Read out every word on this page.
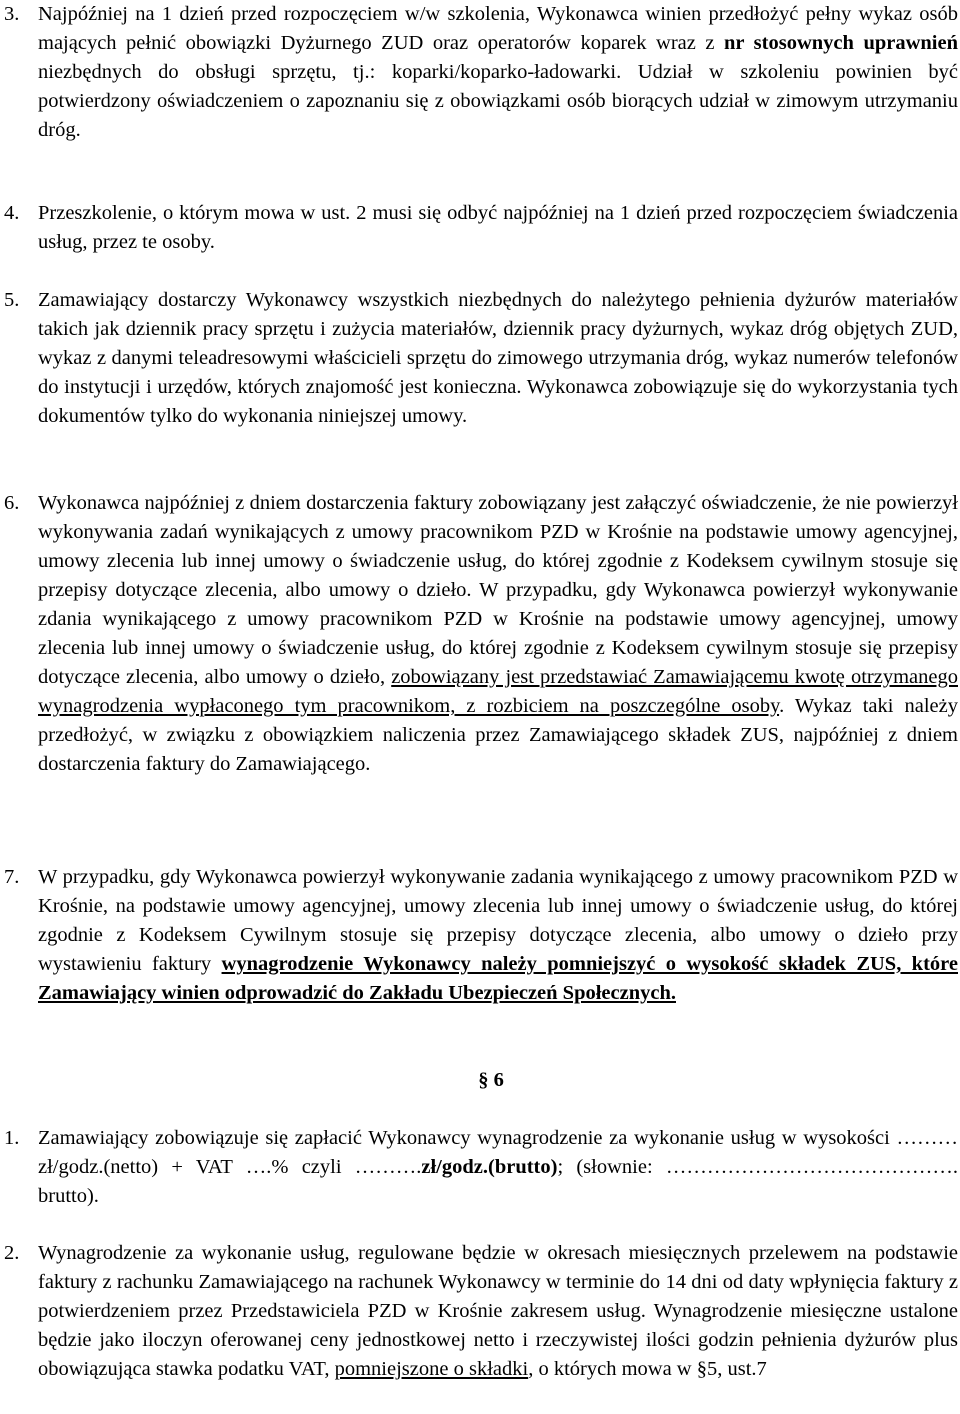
3. Najpóźniej na 1 dzień przed rozpoczęciem w/w szkolenia, Wykonawca winien przedłożyć pełny wykaz osób mających pełnić obowiązki Dyżurnego ZUD oraz operatorów koparek wraz z nr stosownych uprawnień niezbędnych do obsługi sprzętu, tj.: koparki/koparko-ładowarki. Udział w szkoleniu powinien być potwierdzony oświadczeniem o zapoznaniu się z obowiązkami osób biorących udział w zimowym utrzymaniu dróg.
4. Przeszkolenie, o którym mowa w ust. 2 musi się odbyć najpóźniej na 1 dzień przed rozpoczęciem świadczenia usług, przez te osoby.
5. Zamawiający dostarczy Wykonawcy wszystkich niezbędnych do należytego pełnienia dyżurów materiałów takich jak dziennik pracy sprzętu i zużycia materiałów, dziennik pracy dyżurnych, wykaz dróg objętych ZUD, wykaz z danymi teleadresowymi właścicieli sprzętu do zimowego utrzymania dróg, wykaz numerów telefonów do instytucji i urzędów, których znajomość jest konieczna. Wykonawca zobowiązuje się do wykorzystania tych dokumentów tylko do wykonania niniejszej umowy.
6. Wykonawca najpóźniej z dniem dostarczenia faktury zobowiązany jest załączyć oświadczenie, że nie powierzył wykonywania zadań wynikających z umowy pracownikom PZD w Krośnie na podstawie umowy agencyjnej, umowy zlecenia lub innej umowy o świadczenie usług, do której zgodnie z Kodeksem cywilnym stosuje się przepisy dotyczące zlecenia, albo umowy o dzieło. W przypadku, gdy Wykonawca powierzył wykonywanie zdania wynikającego z umowy pracownikom PZD w Krośnie na podstawie umowy agencyjnej, umowy zlecenia lub innej umowy o świadczenie usług, do której zgodnie z Kodeksem cywilnym stosuje się przepisy dotyczące zlecenia, albo umowy o dzieło, zobowiązany jest przedstawiać Zamawiającemu kwotę otrzymanego wynagrodzenia wypłaconego tym pracownikom, z rozbiciem na poszczególne osoby. Wykaz taki należy przedłożyć, w związku z obowiązkiem naliczenia przez Zamawiającego składek ZUS, najpóźniej z dniem dostarczenia faktury do Zamawiającego.
7. W przypadku, gdy Wykonawca powierzył wykonywanie zadania wynikającego z umowy pracownikom PZD w Krośnie, na podstawie umowy agencyjnej, umowy zlecenia lub innej umowy o świadczenie usług, do której zgodnie z Kodeksem Cywilnym stosuje się przepisy dotyczące zlecenia, albo umowy o dzieło przy wystawieniu faktury wynagrodzenie Wykonawcy należy pomniejszyć o wysokość składek ZUS, które Zamawiający winien odprowadzić do Zakładu Ubezpieczeń Społecznych.
§ 6
1. Zamawiający zobowiązuje się zapłacić Wykonawcy wynagrodzenie za wykonanie usług w wysokości ………zł/godz.(netto) + VAT ….% czyli ……….zł/godz.(brutto); (słownie: ……………………………………. brutto).
2. Wynagrodzenie za wykonanie usług, regulowane będzie w okresach miesięcznych przelewem na podstawie faktury z rachunku Zamawiającego na rachunek Wykonawcy w terminie do 14 dni od daty wpłynięcia faktury z potwierdzeniem przez Przedstawiciela PZD w Krośnie zakresem usług. Wynagrodzenie miesięczne ustalone będzie jako iloczyn oferowanej ceny jednostkowej netto i rzeczywistej ilości godzin pełnienia dyżurów plus obowiązująca stawka podatku VAT, pomniejszone o składki, o których mowa w §5, ust.7
